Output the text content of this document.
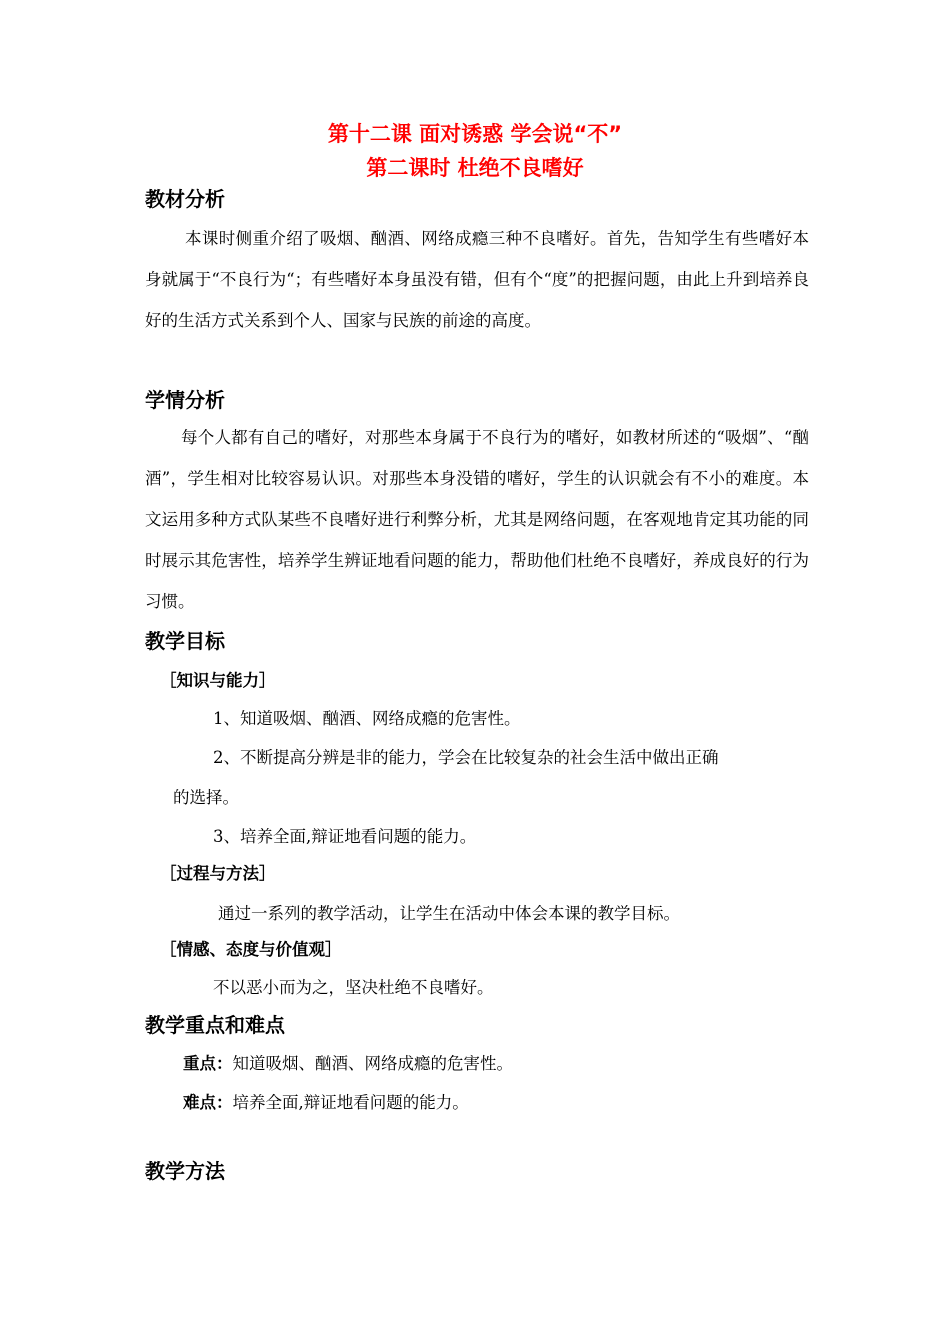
第十二课 面对诱惑 学会说“不”
第二课时 杜绝不良嗜好
教材分析
本课时侧重介绍了吸烟、酗酒、网络成瘾三种不良嗜好。首先，告知学生有些嗜好本身就属于“不良行为“；有些嗜好本身虽没有错，但有个“度”的把握问题，由此上升到培养良好的生活方式关系到个人、国家与民族的前途的高度。
学情分析
每个人都有自己的嗜好，对那些本身属于不良行为的嗜好，如教材所述的“吸烟”、“酗酒”，学生相对比较容易认识。对那些本身没错的嗜好，学生的认识就会有不小的难度。本文运用多种方式队某些不良嗜好进行利弊分析，尤其是网络问题，在客观地肯定其功能的同时展示其危害性，培养学生辨证地看问题的能力，帮助他们杜绝不良嗜好，养成良好的行为习惯。
教学目标
［知识与能力］
1、知道吸烟、酗酒、网络成瘾的危害性。
2、不断提高分辨是非的能力，学会在比较复杂的社会生活中做出正确
的选择。
3、培养全面,辩证地看问题的能力。
［过程与方法］
通过一系列的教学活动，让学生在活动中体会本课的教学目标。
［情感、态度与价值观］
不以恶小而为之，坚决杜绝不良嗜好。
教学重点和难点
重点：知道吸烟、酗酒、网络成瘾的危害性。
难点：培养全面,辩证地看问题的能力。
教学方法
